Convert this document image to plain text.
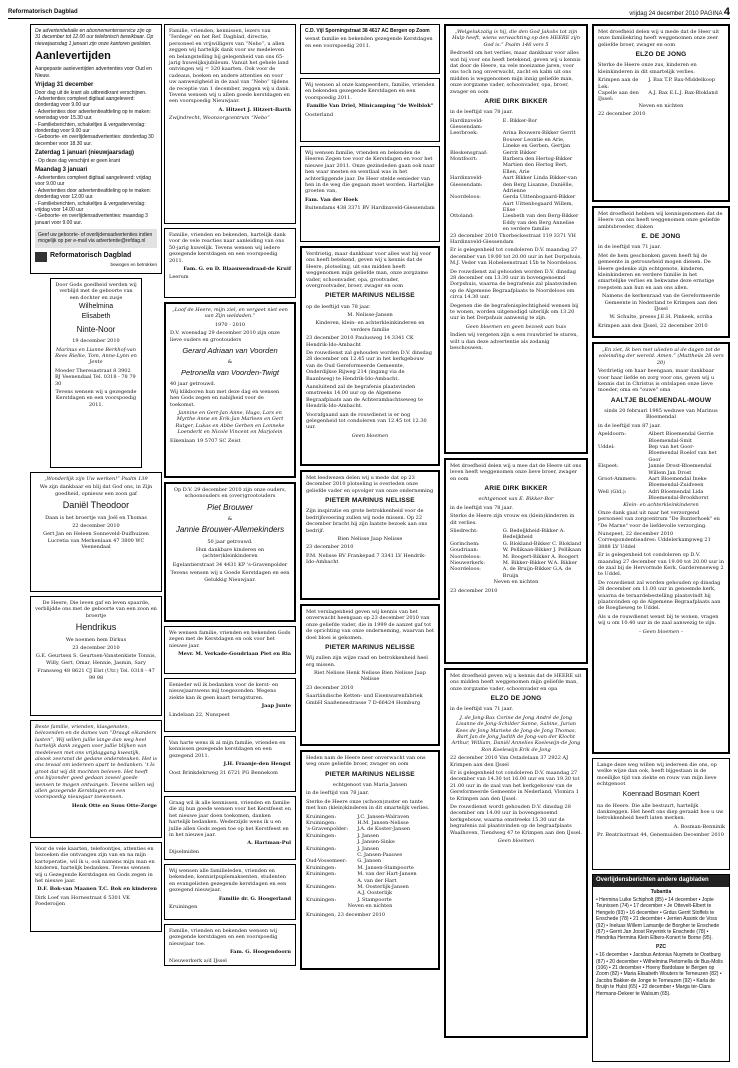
Reformatorisch Dagblad	vrijdag 24 december 2010 PAGINA 4
De advertentiebalie en abonnementenservice zijn op 31 december tot 12.00 uur telefonisch bereikbaar. Op nieuwjaarsdag 1 januari zijn onze kantoren gesloten.
Aanlevertijden
Aangepaste aanlevertijden advertenties voor Oud en Nieuw.
Vrijdag 31 december
Door dag uit de krant als uitbreidkrant verschijnen.
- Advertenties compleet digitaal aangeleverd: donderdag voor 9.00 uur
- Advertenties door advertentieafdeling op te maken: woensdag voor 15.30 uur.
- Familieberichten, schakeltjes & vergaderverslag: donderdag voor 9.00 uur
- Geboorte- en overlijdensadvertenties: donderdag 30 december voor 18.30 uur.
Zaterdag 1 januari (nieuwjaarsdag)
- Op deze dag verschijnt er geen krant
Maandag 3 januari
- Advertenties compleet digitaal aangeleverd: vrijdag voor 9.00 uur
- Advertenties door advertentieafdeling op te maken: donderdag voor 12.00 uur.
- Familieberichten, schakeltjes & vergaderverslag: vrijdag voor 14.00 uur
- Geboorte- en overlijdensadvertenties: maandag 3 januari voor 9.00 uur.
Geef uw geboorte- of overlijdensadvertenties indien mogelijk op per e-mail via advertentie@refdag.nl
Reformatorisch Dagblad
bewogen en betrokken
Door Gods goedheid werden wij verblijd met de geboorte van een dochter en zusje
Wilhelmina
Elisabeth
Ninte-Noor
19 december 2010
Marinus en Lianne Berkhof-van Rees Rielke, Tom, Anne-Lynn en Jente
Moeder Theresastraat 8 3902 BJ Veenendaal Tel. 0318 - 78 79 30
Tevens wensen wij u gezegende Kerstdagen en een voorspoedig 2011.
„Wonderlijk zijn Uw werken!” Psalm 139
We zijn dankbaar en blij dat God ons, in Zijn goedheid, opnieuw een zoon gaf
Daniël Theodoor
Daan is het broertje van Joël en Thomas
22 december 2010
Gert Jan en Heleen Sonneveld-Duifhuizen Lucretia van Merkenlaan 47 3800 WC Veenendaal
De Heere, Die leven gaf en leven spaarde, verblijdde ons met de geboorte van een zoon en broertje
Hendrikus
We noemen hem Dirkus
23 december 2010
G.E. Geurtsen S. Geurtsen-Vanstenkiste Tonnis, Willy, Gert, Omar, Hennie, Jasmin, Sary
Fransweg 48 8621 CJ Elst (Utr.) Tel. 0318 - 47 99 98
Beste familie, vrienden, klasgenoten, belezenden en de dames van “Draagt elkanders lasten”, Wij willen jullie lange dan weg heel hartelijk dank zeggen voor jullie blijken van medeleven met ons vrijdaggang kwestijk, alsook zeeranst de gedane ondersteuken. Het is ons tevaal om iedereen apart te bedanken. 't Is groot dat wij dit mochten beleven. Het heeft ons bijzonder goed gedaan zoveel goede wensen te mogen ontvangen. Tevens willen wij allen gezegende Kerstdagen en een voorspoedig nieuwjaar toewensen.
Henk Otte en Suus Otte-Zorge
Voor de vele kaarten, telefoontjes, attenties en bezoeken die ontvangen zijn van en na mijn kartoperatie, wil ik u, ook namens mijn man en kinderen, hartelijk bedanken. Tevens wensen wij u Gezegende Kerstdagen en Gods zegen in het nieuwe jaar.
D.F. Bok-van Maanen T.C. Bok en kinderen
Dirk Loef van Hornestraat 6 5301 VK Poederoijen
Familie, vrienden, kennissen, lezers van 'Terdege' en het Ref. Dagblad, directie, personeel en vrijwilligers van “Nebo”, u allen zeggen wij hartelijk dank voor uw medeleven en belangstelling bij gelegenheid van ons 65-jarig huwelijksjubileum. Vanuit het gehele land ontvingen wij = 320 kaarten. Ook voor de cadeaus, boeken en andere attenties en voor uw aanwezigheid in de zaal van “Nebo” tijdens de receptie van 1 december, zeggen wij u dank. Tevens wensen wij u allen goede kerstdagen en een voorspoedig Nieuwjaar.
A. Hitzert J. Hitzert-Barth
Zwijndrecht, Woonzorgcentrum “Nebo”
Familie, vrienden en bekenden, hartelijk dank voor de vele reacties naar aanleiding van ons 50-jarig huwelijk. Tevens wensen wij iedere gezegende kerstdagen en een voorspoedig 2011.
Fam. G. en D. Blaauwendraad-de Kruif
Leerum
„Loof de Heere, mijn ziel, en vergeet niet een van Zijn weldaden.”
1970 · 2010
D.V. woensdag 29 december 2010 zijn onze lieve ouders en grootouders
Gerard Adriaan van Voorden
&
Petronella van Voorden-Twigt
40 jaar getrouwd.
Wij klikboren hun met deze dag en wensen hen Gods zegen en nabijheid voor de toekomst.
Jannine en Gert-Jan Anne, Hugo, Lars en Myrthe Anne en Erik-Jan Marleen en Gert Rutger, Lukas en Abbe Gerben en Lonneke Loenderlt en Nicole Vincent en Marjolein
Eikenlaan 19 5707 SC Zeist
Op D.V. 29 december 2010 zijn onze ouders, schoonouders en (over)grootouders
Piet Brouwer
&
Jannie Brouwer-Allemekinders
50 jaar getrouwd.
Hun dankbare kinderen en (achter)kleinkinderen
Egelantierstraat 34 4431 KP 's-Gravenpolder
Tevens wensen wij u Goede Kerstdagen en een Gelukkig Nieuwjaar.
We wensen familie, vrienden en bekenden Gods zegen met de Kerstdagen en ook voor het nieuwe jaar.
Mevr. M. Verkade-Goudriaan Piet en Ria
Eenieder wil ik bedanken voor de kerst- en nieuwjaarswens mij toegezonden. Wegens ziekte kan ik geen kaart terugsturen.
Jaap Junte
Lindelaan 22, Nunspeet
Van harte wens ik al mijn familie, vrienden en kennissen gezegende kerstdagen en een gezegend 2011.
J.H. Fraanje-den Hengst
Oost Brinkdekrweg 31 6721 PG Bennekom
Graag wil ik alle kennissen, vrienden en familie die zij hun goede wensen voor het Kerstfeest en het nieuwe jaar doen toekomen, danken hartelijk bedanken. Wederzijds wens ik u en jullie allen Gods zegen toe op het Kerstfeest en in het nieuwe jaar.
A. Hartman-Pul
Dijselmiden
Wij wensen alle familieleden, vrienden en bekenden, kennistpuplemaksenten, studenten en evangelisten gezegende kerstdagen en een gezegend nieuwjaar.
Familie dr. G. Hoogerland
Kruiningen
Familie, vrienden en bekenden wensen wij gezegende kerstdagen en een voorspoedig nieuwjaar toe.
Fam. G. Hoogendoorn
Nieuwerkerk a/d IJssel
C.D. Vijl Sporningstraat 38 4617 AC Bergen op Zoom
wenst familie en bekenden gezegende Kerstdagen en een voorspoedig 2011.
Wij wensen al onze kampeerders, familie, vrienden en bekenden gezegende Kerstdagen en een voorspoedig 2011.
Familie Van Driel, Minicamping "de Welblok"
Oosterland
Wij wensen familie, vrienden en bekenden de Heeren Zegen toe voor de Kerstdagen en voor het nieuwe jaar 2011. Onze gezinsleden gaan ook naar hen waar mesten en wentlaal was in het achterliggende jaar. De Heer stelde eenieder van hen in de weg die gegaan moet worden. Hartelijke groeten van,
Fam. Van der Hoek
Buitendams 438 3371 BV Hardinxveld-Giessendam
Verdrietig, maar dankbaar voor alles wat hij voor ons heeft betekend, geven wij u kennis dat de Heere, plotseling, uit ons midden heeft weggenomen mijn geliefde man, onze zorgzame vader, schoonvader, opa, grootvader, overgrootvader, broer, zwager en oom
PIETER MARINUS NELISSE
op de leeftijd van 78 jaar.
M. Nelisse-Jansen
Kinderen, klein- en achterkleinkinderen en verdere familie
23 december 2010 Paulusweg 14 3341 CK Hendrik-Ido-Ambacht
De rouwdienst zal gehouden worden D.V. dinsdag 28 december om 12.45 uur in het kerkgebouw van de Oud Gereformeerde Gemeente, Onderdijkse Rijweg 214 (ingang via de Baanbweg) te Hendrik-Ido-Ambacht.
Aansluitend zal de begrafenis plaatsvinden omstreeks 14.00 uur op de Algemene Begraafplaats aan de Achterambachtseweg te Hendrik-Ido-Ambacht.
Voorafgaand aan de rouwdienst is er nog gelegenheid tot condoleren van 12.45 tot 12.30 uur.
Geen bloemen
Met leedwezen delen wij u mede dat op 23 december 2010 plotseling is overleden onze geliefde vader en opvolger van onze onderneming
PIETER MARINUS NELISSE
Zijn inspiratie en grote betrokkenheid voor de bedrijfsvoering zullen wij node missen. Op 22 december bracht hij zijn laatste bezoek aan ons bedrijf.
Bien Nelisse Jaap Nelisse
23 december 2010
P.M. Nelisse BV Frankepad 7 3341 LV Hendrik-Ido-Ambacht
Met verslagenheid geven wij kennis van het onverwacht heengaan op 23 december 2010 van onze geliefde vader, die in 1999 de aanzet gaf tot de oprichting van onze onderneming, waarvan het doel bloei is gekomen.
PIETER MARINUS NELISSE
Wij zullen zijn wijze raad en betrokkenheid heel erg missen.
Riet Nelisse Henk Nelisse Bien Nelisse Jaap Nelisse
23 december 2010
Saarländische Ketten- und Eisenwarenfabriek GmbH Saaßenesstrasse 7 D-66424 Homburg
Heden nam de Heere neer onverwacht van ons weg onze geliefde broer, zwager en oom
PIETER MARINUS NELISSE
echtgenoot van Maria Jansen
in de leeftijd van 78 jaar.
Sterke de Heere onze (schoon)zuster en tante met hun (klein)kinderen in dit smartelijk verlies.
Kruiningen:	J.C. Jansen-Walraven
Kruiningen:	H.M. Jansen-Nelisse
's-Gravenpolder:	J.A. de Koster-Jansen
Kruiningen:	J. Jansen
J. Jansen-Sinke
Kruiningen:	J. Jansen
C. Jansen-Paauwe
Oud-Vossemeer:	G. Jansen
Kruiningen:	M. Jansen-Stampoorte
Kruiningen:	M. van der Hart-Jansen
A. van der Hart
Kruiningen:	M. Oosterlijk-Jansen
A.J. Oosterlijk
Kruiningen:	J. Stampoorte
Neven en nichten
Kruiningen, 23 december 2010
„Welgelukzalig is hij, die den God Jakobs tot zijn Hulp heeft, wiens verwachting op den HEERE zijn God is.” Psalm 146 vers 5
Bedroefd om het verlies, maar dankbaar voor alles wat hij voor ons heeft betekend, geven wij u kennis dat door de Heere, na vele moeizame jaren, voor ons toch nog onverwacht, zacht en kalm uit ons midden is weggenomen mijn innig geliefde man, onze zorgzame vader, schoonvader, opa, broer, zwager en oom
ARIE DIRK BIKKER
in de leeftijd van 78 jaar.
Hardinxveld-Giessendam:
E. Bikker-Bor
Leerbroek:	Arina Bouwers-Bikker Gerrit Bouwer Leontie en Arie, Lineke en Gerben, Gertjan
Bleskensgraaf:	Gerrit Bikker
Montfoort:	Barbera den Hertog-Bikker Martien den Hertog Bert, Ellen, Arie
Hardinxveld-Giessendam:
Aart Bikker Linda Bikker-van den Berg Lisanne, Daniëlle, Adrienne
Noordeloos:	Gerda Uittenbogaard-Bikker Aart Uittenbogaard Willem, Elise
Ottoland:	Liesbeth van den Berg-Bikker Eddy van den Berg Annelise en verdere familie
23 december 2010 Thorbeckestraat 119 3371 VH Hardinxveld-Giessendam
Er is gelegenheid tot condoleren D.V. maandag 27 december van 19.00 tot 20.00 uur in het Dorpshuis, M.J. Veder van Hobeleenstraat 15b te Noordeloos.
De rouwdienst zal gehouden worden D.V. dinsdag 28 december om 13.30 uur in bovengenoemd Dorpshuis, waarna de begrafenis zal plaatsvinden op de Algemene Begraafplaats te Noordeloos om circa 14.30 uur.
Degenen die de begrafenisplechtigheid wensen bij te wonen, worden uitgenodigd uiterlijk om 13.20 uur in het Dorpshuis aanwezig te zijn.
Geen bloemen en geen bezoek aan huis
Indien wij vergeten zijn u een rouwbrief te sturen, wilt u dan deze advertentie als zodanig beschouwen.
Met droefheid delen wij u mee dat de Heere uit ons leven heeft weggenomen onze lieve broer, zwager en oom
ARIE DIRK BIKKER
echtgenoot van E. Bikker-Bor
in de leeftijd van 78 jaar.
Sterke de Heere zijn vrouw en (klein)kinderen in dit verlies.
Sliedrecht:	G. Bedeljkheid-Bikker A. Bedeljkheid
Gorinchem:	G. Blokland-Bikker C. Blokland
Goudriaan:	W. Pellikaan-Bikker J. Pellikaan
Noordeloos:	M. Boogert-Bikker A. Boogert
Nieuwerkerk:	M. Bikker-Bikker W.A. Bikker
Noordeloos:	A. de Bruijn-Bikker G.A. de Bruijn
Neven en nichten
23 december 2010
Met droefheid geven wij u kennis dat de HEERE uit ons midden heeft weggenomen mijn geliefde man, onze zorgzame vader, schoonvader en opa
ELZO DE JONG
in de leeftijd van 71 jaar.
J. de Jong-Bax Corine de Jong André de Jong Lisanne de Jong-Schilder Sanne, Sabine, Jurian Kees de Jong Marieke de Jong-de Jong Thomas, Bart Jan de Jong Judith de Jong-van der Klocht Arthur, William, Daniël Annelies Koelewijn-de Jong Ron Koelewijn Erik de Jong
22 december 2010 Van Ostadelaan 37 2922 AJ Krimpen aan den IJssel
Er is gelegenheid tot condoleren D.V. maandag 27 december van 14.30 tot 16.00 uur en van 19.30 tot 21.00 uur in de zaal van het kerkgebouw van de Gereformeerde Gemeente in Nederland, Vlomira 1 te Krimpen aan den IJssel.
De rouwdienst wordt gehouden D.V. dinsdag 28 december om 14.00 uur in bovengenoemd kerkgebouw, waarna omstreeks 15.30 uur de begrafenis zal plaatsvinden op de begraafplaats Waalhoven, Tiendweg 47 te Krimpen aan den IJssel.
Geen bloemen
Met droefheid delen wij u mede dat de Heer uit onze familiekring heeft weggenomen onze zeer geliefde broer, zwager en oom
ELZO DE JONG
Sterke de Heere onze zus, kinderen en kleinkinderen in dit smartelijk verlies.
Krimpen aan de Lek:
J. Bax T.P. Bax-Middelkoop
Capelle aan den IJssel:
A.J. Bax E.L.J. Bax-Blokland
Neven en nichten
22 december 2010
Met droefheid hebben wij kennisgenomen dat de Heere van ons heeft weggenomen onze geliefde ambtsbroeder, diaken
E. DE JONG
in de leeftijd van 71 jaar.
Met de hem geschonken gaven heeft hij de gemeente in getrouwheid mogen dienen. De Heere gedenke zijn echtgenote, kinderen, kleinkinderen en verdere familie in het smartelijke verlies en bekwame deze ernstige roepstem aan hun en aan ons allen.
Namens de kerkenraad van de Gereformeerde Gemeente in Nederland te Krimpen aan den IJssel
W. Schulte, preses J.E.H. Pinkeek, scriba
Krimpen aan den IJssel, 22 december 2010
„En ziet, Ik ben met ulieden al de dagen tot de voleinding der wereld. Amen.” (Mattheüs 28 vers 20)
Verdrietig om haar heengaan, maar dankbaar voor haar liefde en zorg voor ons, geven wij u kennis dat in Christus is ontslapen onze lieve moeder, oma en "ouwe" oma
AALTJE BLOEMENDAL-MOUW
sinds 20 februari 1985 weduwe van Marinus Bloemendal
in de leeftijd van 87 jaar.
Apeldoorn:	Albert Bloemendal Gerrie Bloemendal-Smit
Uddel:	Bep van het Goor-Bloemendal Roelof van het Goor
Elspeet:	Jannie Drost-Bloemendal Willem Jan Drost
Groot-Ammers:	Aart Bloemendal Ineke Bloemendal-Zuidveen
Well (Gld.):	Adri Bloemendal Lida Bloemendal-Brookhorst
Klein- en achterkleinkinderen
Onze dank gaat uit naar het verzorgend personeel van zorgcentrum "De Bunterhoek" en "De Marne" voor de liefdevolle verzorging.
Nunspeet, 22 december 2010 Correspondentieadres: Uddelerkampweg 21 3888 LV Uddel
Er is gelegenheid tot condoleren op D.V. maandag 27 december van 19.00 tot 20.00 uur in de zaal bij de Hervormde Kerk, Garderenseweg 2 te Uddel.
De rouwdienst zal worden gehouden op dinsdag 28 december om 11.00 uur in genoemde kerk, waarna de teraardebestelling plaatsvindt bij plaatsvinden op de Algemene Begraafplaats aan de Roeglieweg te Uddel.
Als u de rouwdienst wenst bij te wonen, vragen wij u om 10.40 uur in de zaal aanwezig te zijn.
– Geen bloemen –
Lange deze weg willen wij iedereen die ons, op welke wijze dan ook, heeft bijgestaan in de moeilijke tijd van ziekte en rouw van mijn lieve echtgenoot
Koenraad Bosman Koert
na de Heere. Die alle bestuurt, hartelijk dankzeggen. Het heeft ons diep geraakt hoe u uw betrokkenheid heeft laten merken.
A. Bosman-Benninik
Pr. Beatrixstraat 44, Genemuiden December 2010
Overlijdensberichten andere dagbladen
Tubantia
• Hermina Luike Schipholt (85) • 14 december • Jopie Teunissen (74) • 17 december • Je Ottevelt-Elbert te Hengelo (93) • 16 december • Grdus Gerrit Stoffels te Enschede (78) • 21 december • Jerrien Assink de Voss (92) • Ineluas Willem Lamantje de Borgher te Enschede (87) • Gerrit Jan Joost Reyerink te Enschede (78) • Hendrika Hermina Klein Elbers-Konert te Borne (95).
PZC
• 16 december • Jacobus Antonius Nuymets te Oostburg (87) • 20 december • Wilhelmina Pietornella de Bus-Molis (106) • 21 december • Hoeny Bardolase te Bergen op Zoom (82) • Maria Elisabeth Wouters te Terneuzen (82) • Jacoba Bakker-de Jonge te Terneuzen (92) • Karla de Bruijn te Hulst (65) • 22 december • Marga ter-Clara Hermans-Dekeer te Walsum (65).
